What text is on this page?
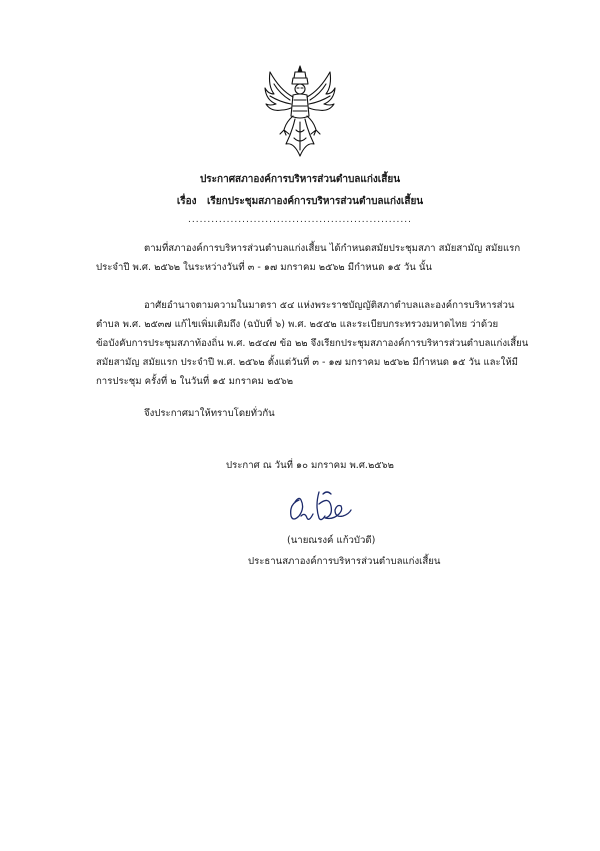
ประกาศสภาองค์การบริหารส่วนตำบลแก่งเสี้ยน
เรื่อง เรียกประชุมสภาองค์การบริหารส่วนตำบลแก่งเสี้ยน
..........................................................
ตามที่สภาองค์การบริหารส่วนตำบลแก่งเสี้ยน ได้กำหนดสมัยประชุมสภา สมัยสามัญ สมัยแรก
ประจำปี พ.ศ. ๒๕๖๒ ในระหว่างวันที่ ๓ - ๑๗ มกราคม ๒๕๖๒ มีกำหนด ๑๕ วัน นั้น
อาศัยอำนาจตามความในมาตรา ๕๔ แห่งพระราชบัญญัติสภาตำบลและองค์การบริหารส่วน
ตำบล พ.ศ. ๒๕๓๗ แก้ไขเพิ่มเติมถึง (ฉบับที่ ๖) พ.ศ. ๒๕๕๒ และระเบียบกระทรวงมหาดไทย ว่าด้วย
ข้อบังคับการประชุมสภาท้องถิ่น พ.ศ. ๒๕๔๗ ข้อ ๒๒ จึงเรียกประชุมสภาองค์การบริหารส่วนตำบลแก่งเสี้ยน
สมัยสามัญ สมัยแรก ประจำปี พ.ศ. ๒๕๖๒ ตั้งแต่วันที่ ๓ - ๑๗ มกราคม ๒๕๖๒ มีกำหนด ๑๕ วัน และให้มี
การประชุม ครั้งที่ ๒ ในวันที่ ๑๕ มกราคม ๒๕๖๒
จึงประกาศมาให้ทราบโดยทั่วกัน
ประกาศ ณ วันที่ ๑๐ มกราคม พ.ศ.๒๕๖๒
(นายณรงค์ แก้วบัวดี)
ประธานสภาองค์การบริหารส่วนตำบลแก่งเสี้ยน
